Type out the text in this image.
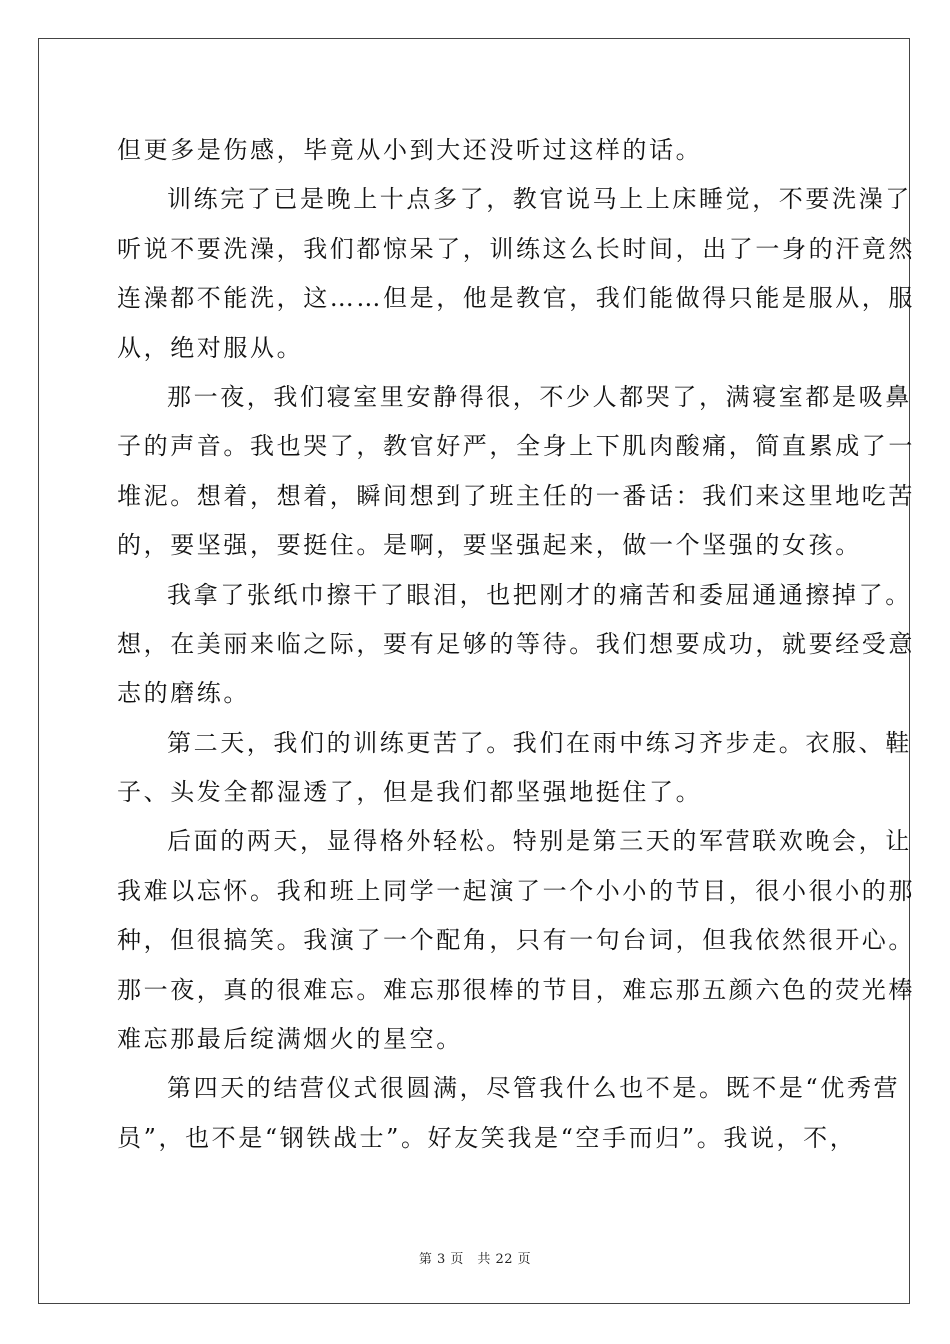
但更多是伤感，毕竟从小到大还没听过这样的话。
训练完了已是晚上十点多了，教官说马上上床睡觉，不要洗澡了
听说不要洗澡，我们都惊呆了，训练这么长时间，出了一身的汗竟然
连澡都不能洗，这……但是，他是教官，我们能做得只能是服从，服
从，绝对服从。
那一夜，我们寝室里安静得很，不少人都哭了，满寝室都是吸鼻
子的声音。我也哭了，教官好严，全身上下肌肉酸痛，简直累成了一
堆泥。想着，想着，瞬间想到了班主任的一番话：我们来这里地吃苦
的，要坚强，要挺住。是啊，要坚强起来，做一个坚强的女孩。
我拿了张纸巾擦干了眼泪，也把刚才的痛苦和委屈通通擦掉了。
想，在美丽来临之际，要有足够的等待。我们想要成功，就要经受意
志的磨练。
第二天，我们的训练更苦了。我们在雨中练习齐步走。衣服、鞋
子、头发全都湿透了，但是我们都坚强地挺住了。
后面的两天，显得格外轻松。特别是第三天的军营联欢晚会，让
我难以忘怀。我和班上同学一起演了一个小小的节目，很小很小的那
种，但很搞笑。我演了一个配角，只有一句台词，但我依然很开心。
那一夜，真的很难忘。难忘那很棒的节目，难忘那五颜六色的荧光棒
难忘那最后绽满烟火的星空。
第四天的结营仪式很圆满，尽管我什么也不是。既不是“优秀营
员”，也不是“钢铁战士”。好友笑我是“空手而归”。我说，不，
第 3 页　共 22 页
